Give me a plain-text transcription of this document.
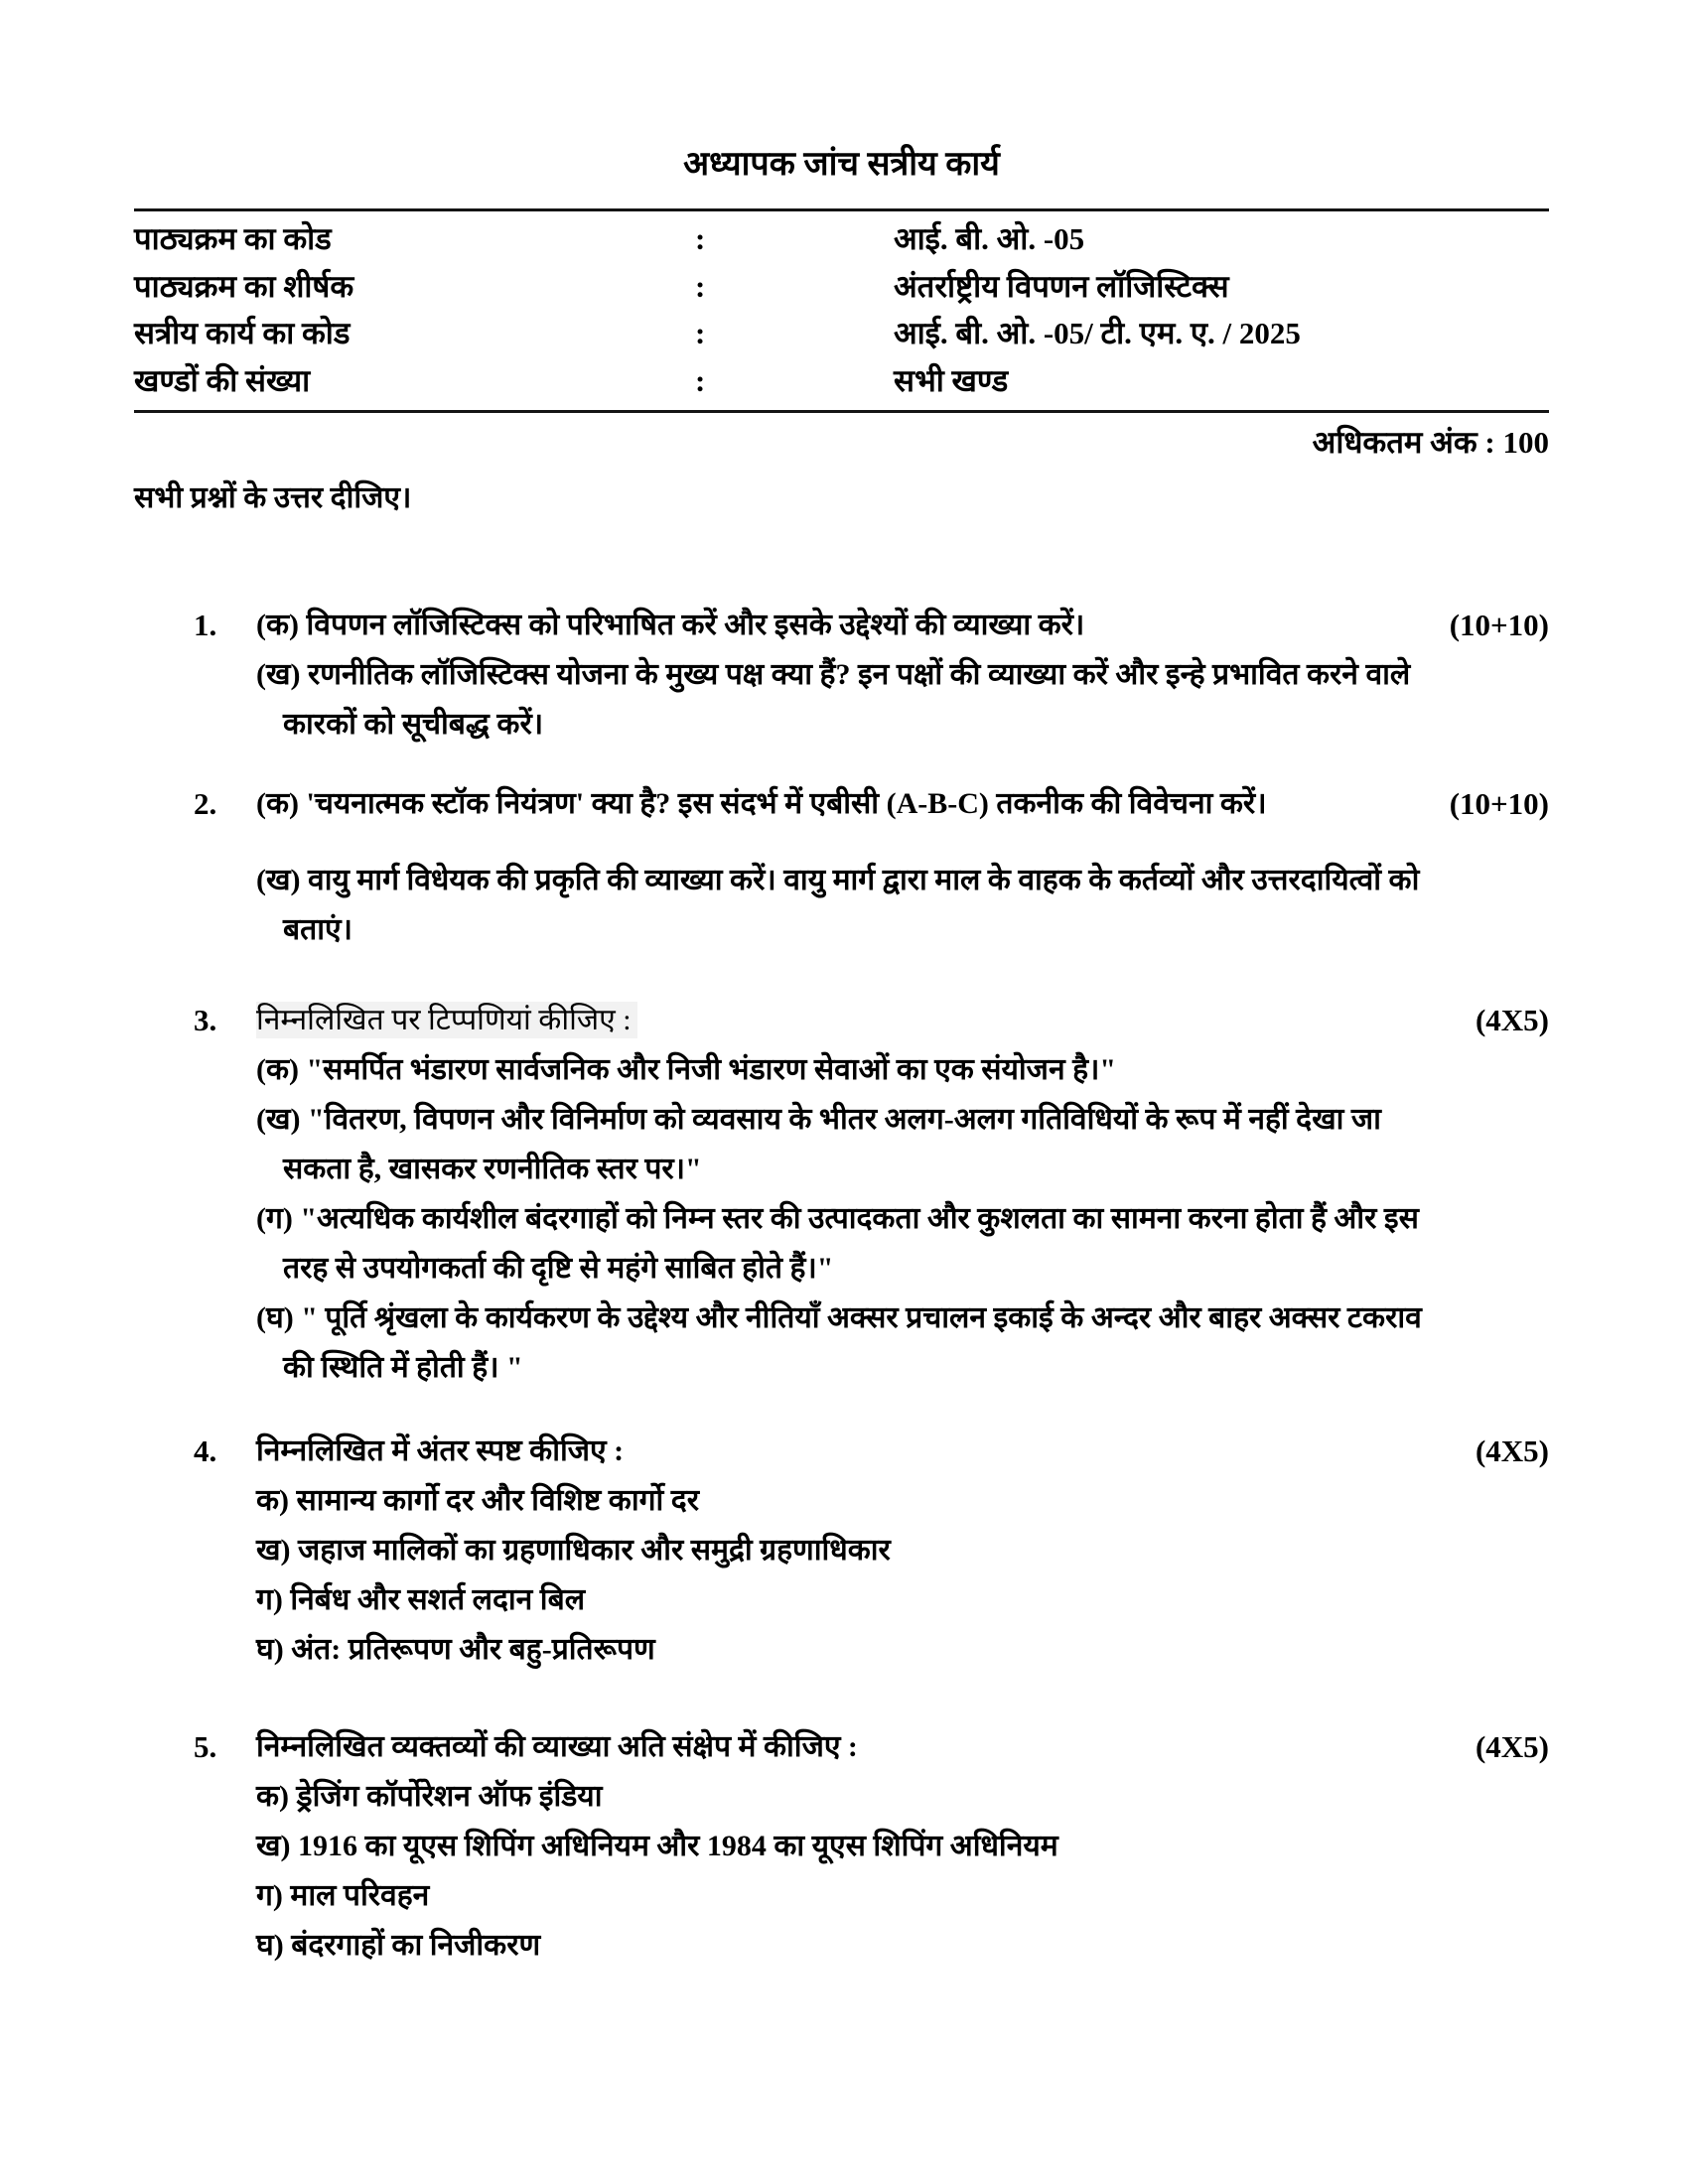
अध्यापक जांच सत्रीय कार्य
पाठ्यक्रम का कोड	:	आई. बी. ओ. -05
पाठ्यक्रम का शीर्षक	:	अंतर्राष्ट्रीय विपणन लॉजिस्टिक्स
सत्रीय कार्य का कोड	:	आई. बी. ओ. -05/ टी. एम. ए. / 2025
खण्डों की संख्या	:	सभी खण्ड
अधिकतम अंक : 100
सभी प्रश्नों के उत्तर दीजिए।
1.	(10+10)
(क) विपणन लॉजिस्टिक्स को परिभाषित करें और इसके उद्देश्यों की व्याख्या करें।
(ख) रणनीतिक लॉजिस्टिक्स योजना के मुख्य पक्ष क्या हैं? इन पक्षों की व्याख्या करें और इन्हे प्रभावित करने वाले
कारकों को सूचीबद्ध करें।
2.	(10+10)
(क) 'चयनात्मक स्टॉक नियंत्रण' क्या है? इस संदर्भ में एबीसी (A-B-C) तकनीक की विवेचना करें।
(ख) वायु मार्ग विधेयक की प्रकृति की व्याख्या करें। वायु मार्ग द्वारा माल के वाहक के कर्तव्यों और उत्तरदायित्वों को
बताएं।
3.	(4X5)
निम्नलिखित पर टिप्पणियां कीजिए :
(क) "समर्पित भंडारण सार्वजनिक और निजी भंडारण सेवाओं का एक संयोजन है।"
(ख) "वितरण, विपणन और विनिर्माण को व्यवसाय के भीतर अलग-अलग गतिविधियों के रूप में नहीं देखा जा
सकता है, खासकर रणनीतिक स्तर पर।"
(ग) "अत्यधिक कार्यशील बंदरगाहों को निम्न स्तर की उत्पादकता और कुशलता का सामना करना होता हैं और इस
तरह से उपयोगकर्ता की दृष्टि से महंगे साबित होते हैं।"
(घ) " पूर्ति श्रृंखला के कार्यकरण के उद्देश्य और नीतियाँ अक्सर प्रचालन इकाई के अन्दर और बाहर अक्सर टकराव
की स्थिति में होती हैं। "
4.	(4X5)
निम्नलिखित में अंतर स्पष्ट कीजिए :
क) सामान्य कार्गो दर और विशिष्ट कार्गो दर
ख) जहाज मालिकों का ग्रहणाधिकार और समुद्री ग्रहणाधिकार
ग) निर्बध और सशर्त लदान बिल
घ) अंत: प्रतिरूपण और बहु-प्रतिरूपण
5.	(4X5)
निम्नलिखित व्यक्तव्यों की व्याख्या अति संक्षेप में कीजिए :
क) ड्रेजिंग कॉर्पोरेशन ऑफ इंडिया
ख) 1916 का यूएस शिपिंग अधिनियम और 1984 का यूएस शिपिंग अधिनियम
ग) माल परिवहन
घ) बंदरगाहों का निजीकरण
